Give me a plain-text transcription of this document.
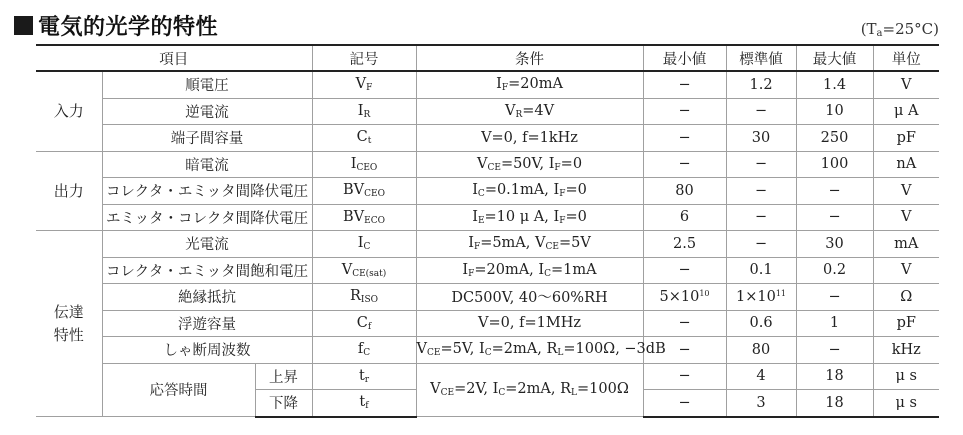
電気的光学的特性	$(T_a=25^\circ C)$
項目			記号	条件	最小値	標準値	最大値	単位
入力	順電圧		$V_F$	$I_F=20mA$	−	1.2	1.4	V
	逆電流		$I_R$	$V_R=4V$	−	−	10	μ A
	端子間容量		$C_t$	V=0, f=1kHz	−	30	250	pF
出力	暗電流		$I_{CEO}$	$V_{CE}=50V$, $I_F=0$	−	−	100	nA
	コレクタ・エミッタ間降伏電圧		$BV_{CEO}$	$I_C=0.1mA$, $I_F=0$	80	−	−	V
	エミッタ・コレクタ間降伏電圧		$BV_{ECO}$	$I_E=10$ μ A, $I_F=0$	6	−	−	V
伝達
特性	光電流		$I_C$	$I_F=5mA$, $V_{CE}=5V$	2.5	−	30	mA
	コレクタ・エミッタ間飽和電圧		$V_{CE(sat)}$	$I_F=20mA$, $I_C=1mA$	−	0.1	0.2	V
	絶縁抵抗		$R_{ISO}$	DC500V, 40〜60%RH	$5\times 10^{10}$	$1\times 10^{11}$	−	Ω
	浮遊容量		$C_f$	V=0, f=1MHz	−	0.6	1	pF
	しゃ断周波数		$f_C$	$V_{CE}=5V$, $I_C=2mA$, $R_L=100\Omega$, −3dB	−	80	−	kHz
	応答時間	上昇	$t_r$	$V_{CE}=2V$, $I_C=2mA$, $R_L=100\Omega$	−	4	18	μ s
		下降	$t_f$		−	3	18	μ s
